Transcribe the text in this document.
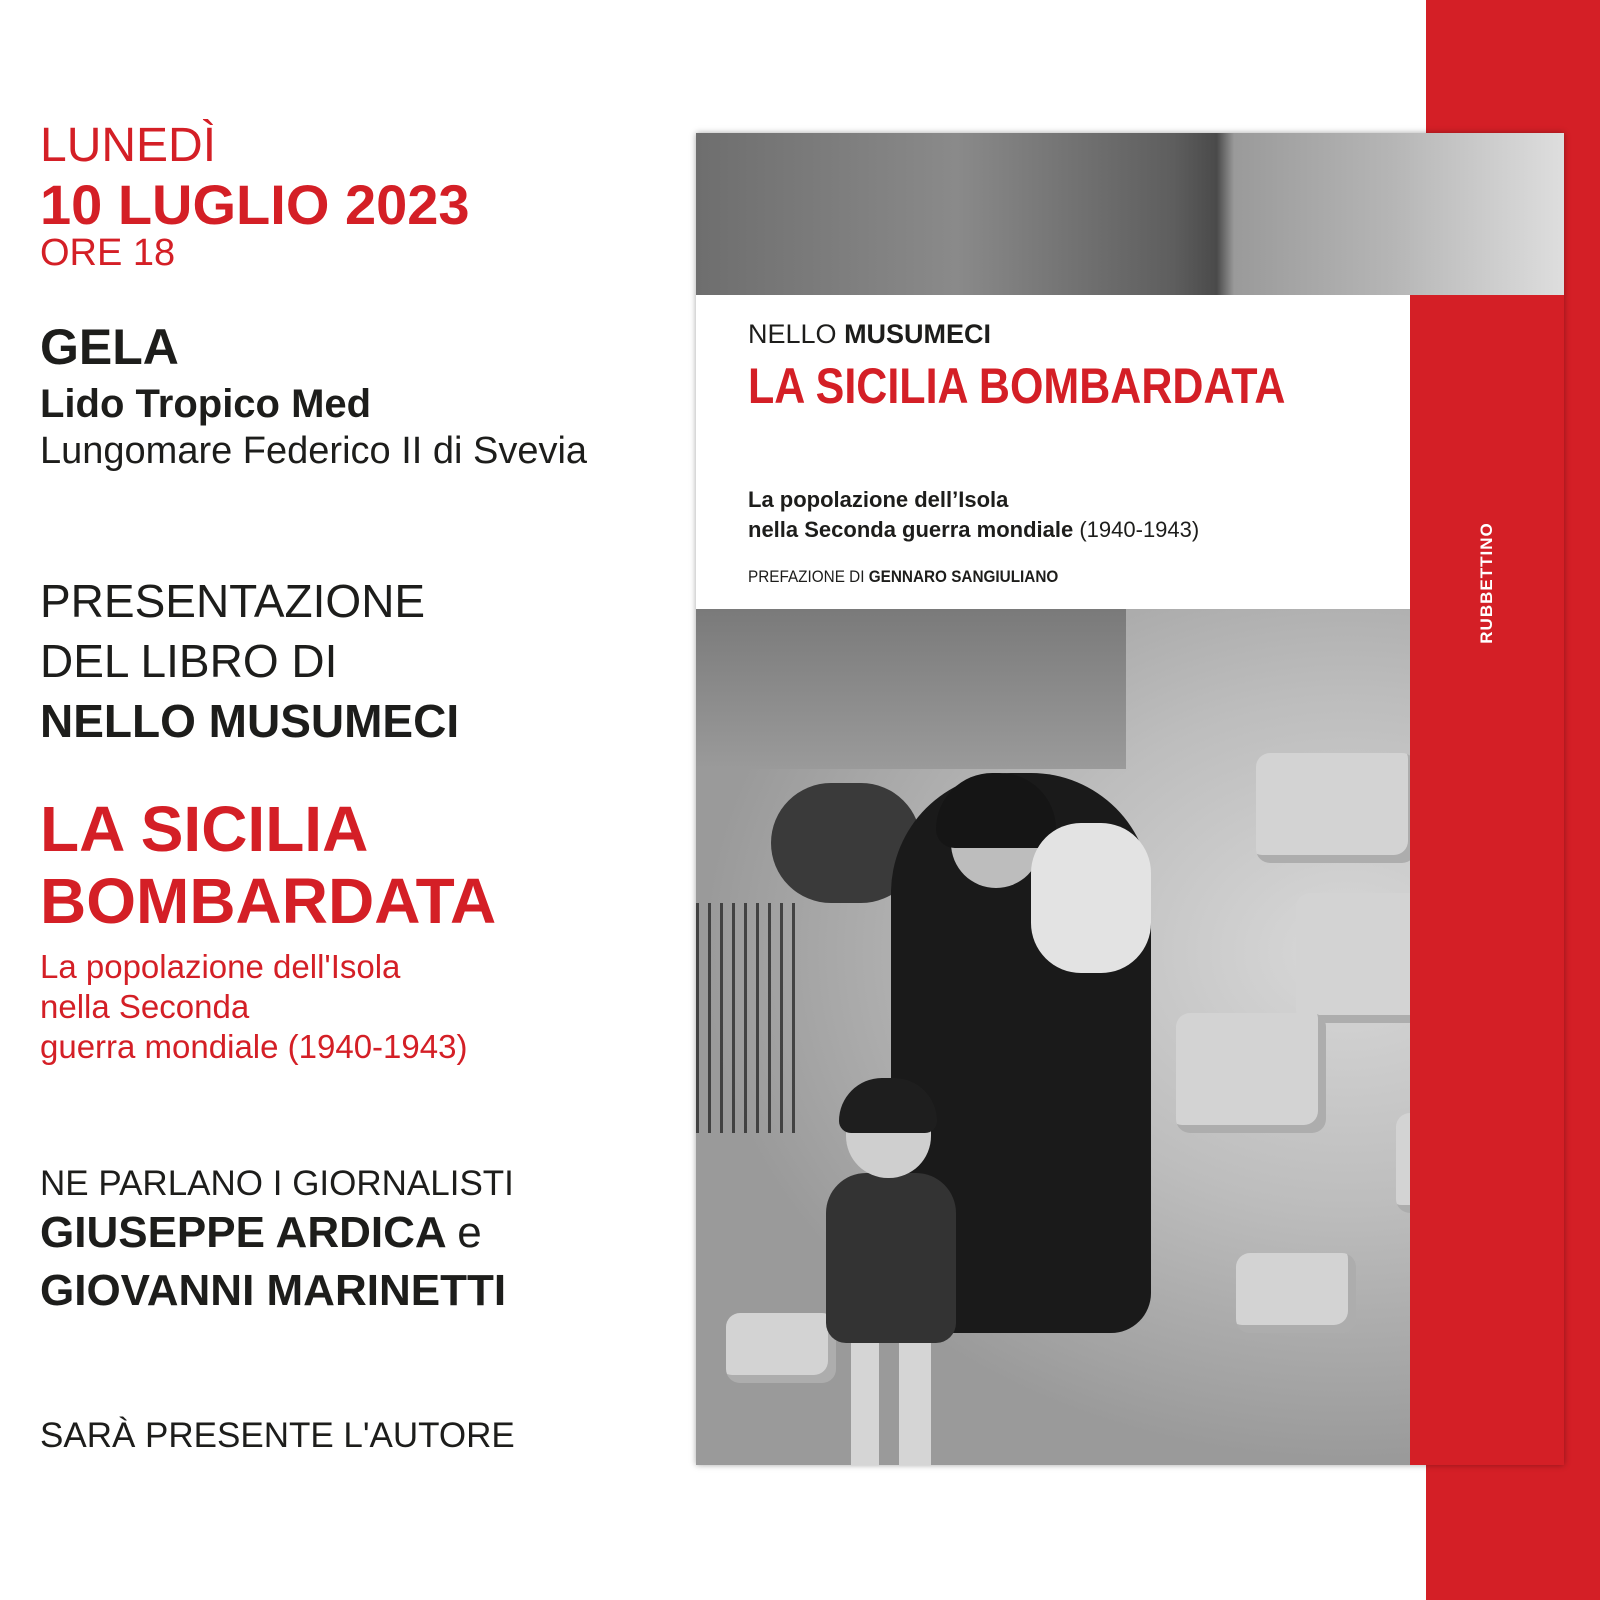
LUNEDÌ

10 LUGLIO 2023

ORE 18

GELA

Lido Tropico Med

Lungomare Federico II di Svevia

PRESENTAZIONE

DEL LIBRO DI

NELLO MUSUMECI

LA SICILIA

BOMBARDATA

La popolazione dell'Isola

nella Seconda

guerra mondiale (1940-1943)

NE PARLANO I GIORNALISTI

GIUSEPPE ARDICA e

GIOVANNI MARINETTI

SARÀ PRESENTE L'AUTORE

NELLO MUSUMECI

LA SICILIA BOMBARDATA

La popolazione dell’Isola

nella Seconda guerra mondiale (1940-1943)

PREFAZIONE DI GENNARO SANGIULIANO	RUBBETTINO
